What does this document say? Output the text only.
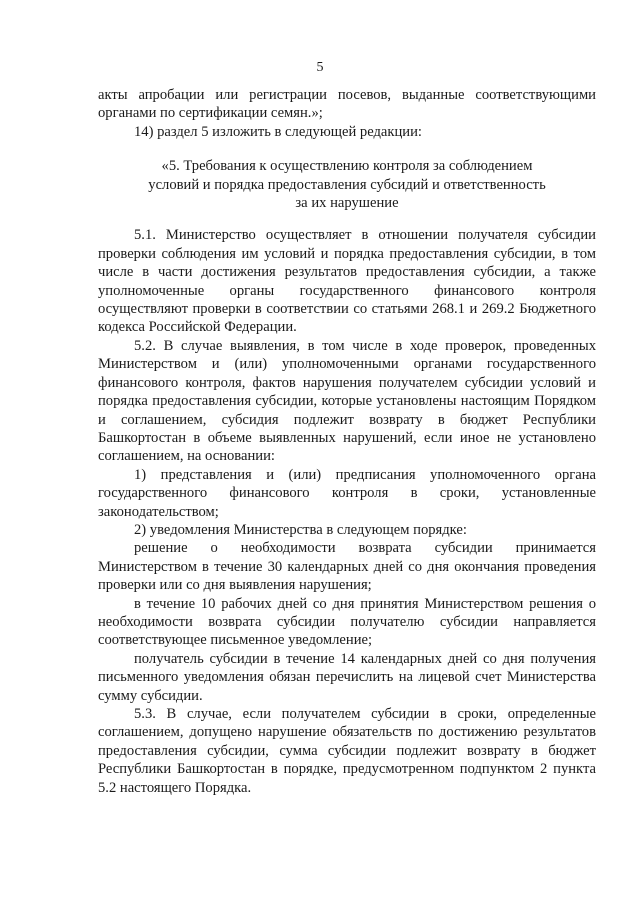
5

акты апробации или регистрации посевов, выданные соответствующими органами по сертификации семян.»;

14) раздел 5 изложить в следующей редакции:

«5. Требования к осуществлению контроля за соблюдением
условий и порядка предоставления субсидий и ответственность
за их нарушение

5.1. Министерство осуществляет в отношении получателя субсидии проверки соблюдения им условий и порядка предоставления субсидии, в том числе в части достижения результатов предоставления субсидии, а также уполномоченные органы государственного финансового контроля осуществляют проверки в соответствии со статьями 268.1 и 269.2 Бюджетного кодекса Российской Федерации.

5.2. В случае выявления, в том числе в ходе проверок, проведенных Министерством и (или) уполномоченными органами государственного финансового контроля, фактов нарушения получателем субсидии условий и порядка предоставления субсидии, которые установлены настоящим Порядком и соглашением, субсидия подлежит возврату в бюджет Республики Башкортостан в объеме выявленных нарушений, если иное не установлено соглашением, на основании:

1) представления и (или) предписания уполномоченного органа государственного финансового контроля в сроки, установленные законодательством;

2) уведомления Министерства в следующем порядке:

решение о необходимости возврата субсидии принимается Министерством в течение 30 календарных дней со дня окончания проведения проверки или со дня выявления нарушения;

в течение 10 рабочих дней со дня принятия Министерством решения о необходимости возврата субсидии получателю субсидии направляется соответствующее письменное уведомление;

получатель субсидии в течение 14 календарных дней со дня получения письменного уведомления обязан перечислить на лицевой счет Министерства сумму субсидии.

5.3. В случае, если получателем субсидии в сроки, определенные соглашением, допущено нарушение обязательств по достижению результатов предоставления субсидии, сумма субсидии подлежит возврату в бюджет Республики Башкортостан в порядке, предусмотренном подпунктом 2 пункта 5.2 настоящего Порядка.
